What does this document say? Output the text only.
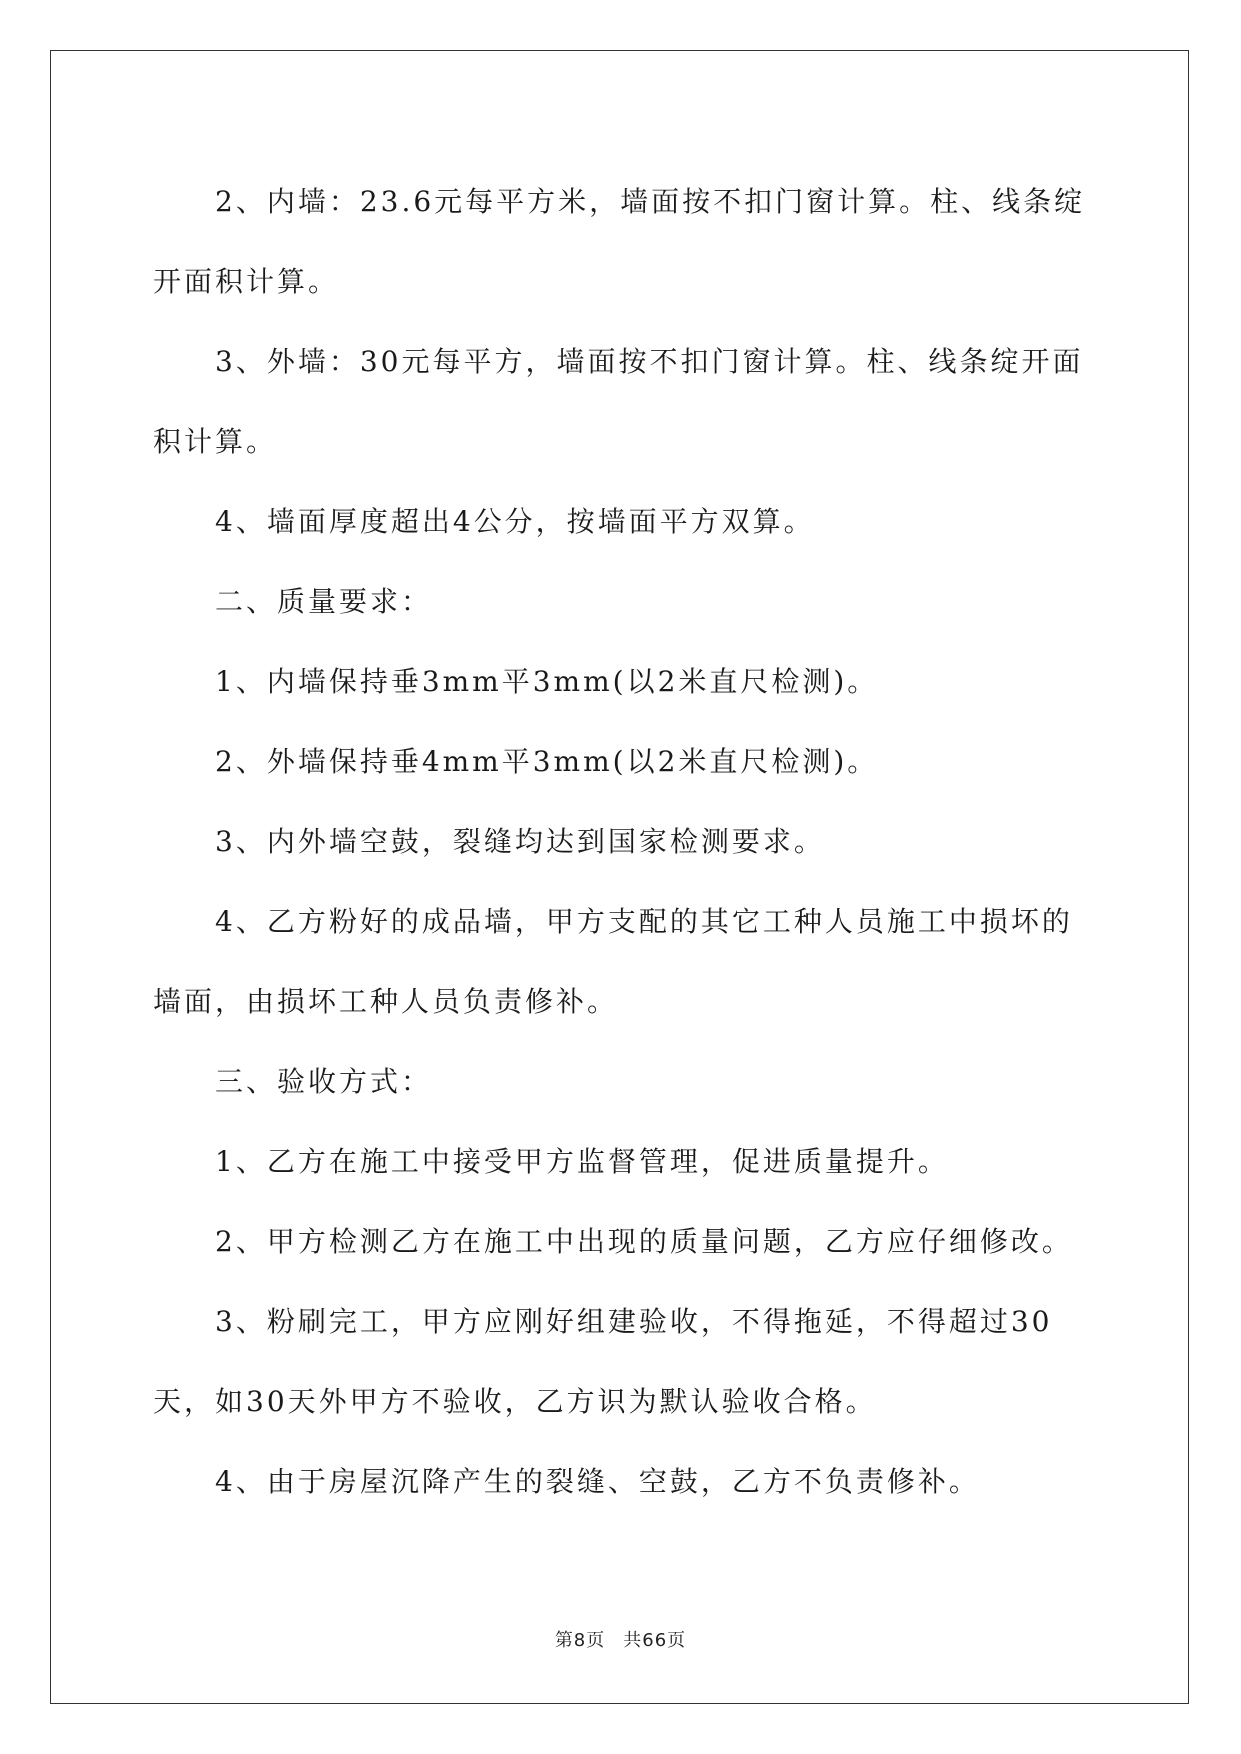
2、内墙：23.6元每平方米，墙面按不扣门窗计算。柱、线条绽开面积计算。

3、外墙：30元每平方，墙面按不扣门窗计算。柱、线条绽开面积计算。

4、墙面厚度超出4公分，按墙面平方双算。

二、质量要求：

1、内墙保持垂3mm平3mm(以2米直尺检测)。

2、外墙保持垂4mm平3mm(以2米直尺检测)。

3、内外墙空鼓，裂缝均达到国家检测要求。

4、乙方粉好的成品墙，甲方支配的其它工种人员施工中损坏的墙面，由损坏工种人员负责修补。

三、验收方式：

1、乙方在施工中接受甲方监督管理，促进质量提升。

2、甲方检测乙方在施工中出现的质量问题，乙方应仔细修改。

3、粉刷完工，甲方应刚好组建验收，不得拖延，不得超过30天，如30天外甲方不验收，乙方识为默认验收合格。

4、由于房屋沉降产生的裂缝、空鼓，乙方不负责修补。

第8页 共66页
